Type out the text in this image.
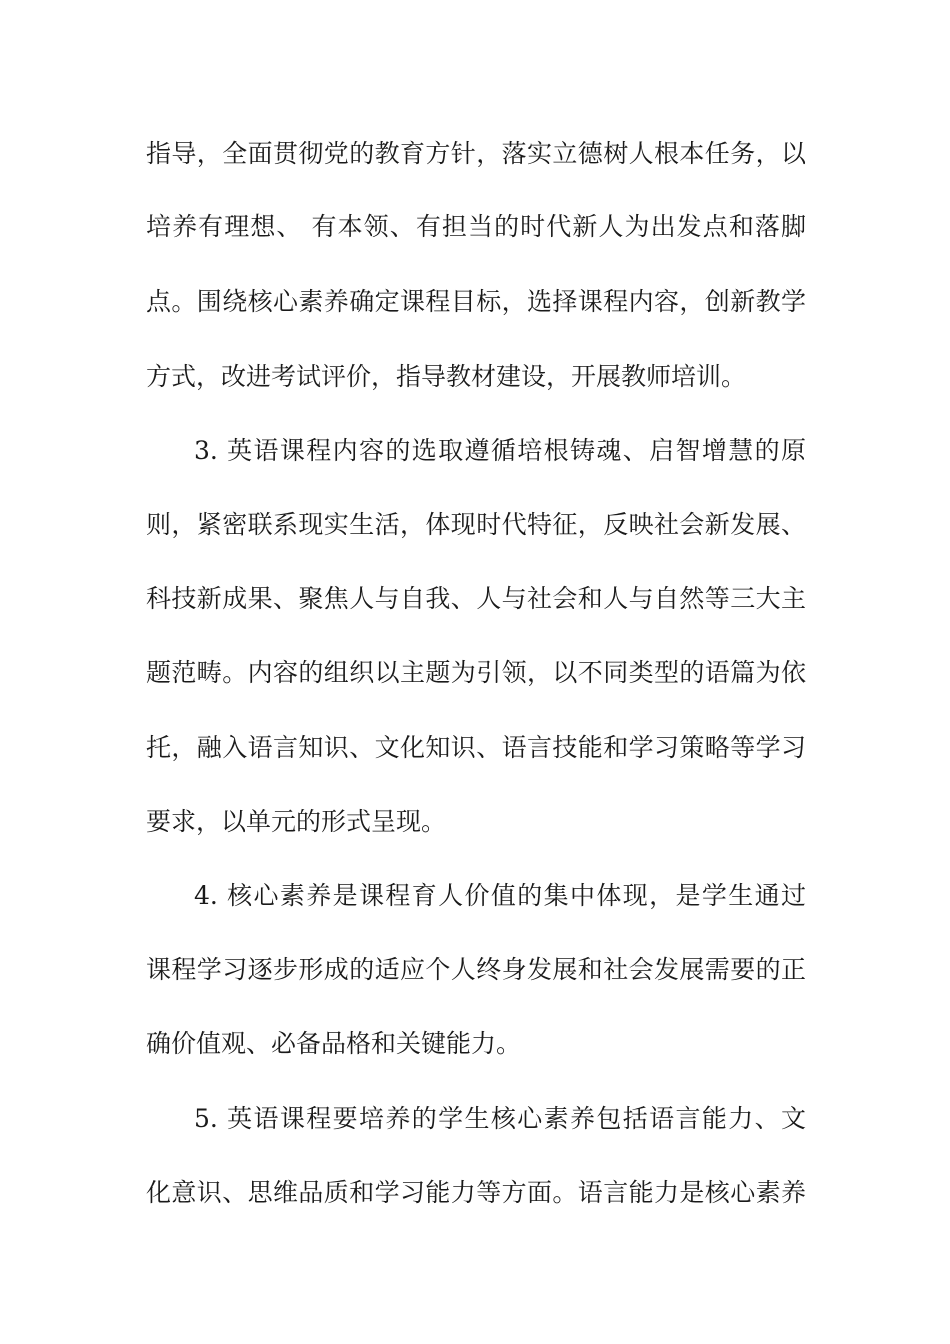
指导，全面贯彻党的教育方针，落实立德树人根本任务，以
培养有理想、 有本领、有担当的时代新人为出发点和落脚
点。围绕核心素养确定课程目标，选择课程内容，创新教学
方式，改进考试评价，指导教材建设，开展教师培训。
3. 英语课程内容的选取遵循培根铸魂、启智增慧的原
则，紧密联系现实生活，体现时代特征，反映社会新发展、
科技新成果、聚焦人与自我、人与社会和人与自然等三大主
题范畴。内容的组织以主题为引领，以不同类型的语篇为依
托，融入语言知识、文化知识、语言技能和学习策略等学习
要求，以单元的形式呈现。
4. 核心素养是课程育人价值的集中体现，是学生通过
课程学习逐步形成的适应个人终身发展和社会发展需要的正
确价值观、必备品格和关键能力。
5. 英语课程要培养的学生核心素养包括语言能力、文
化意识、思维品质和学习能力等方面。语言能力是核心素养
